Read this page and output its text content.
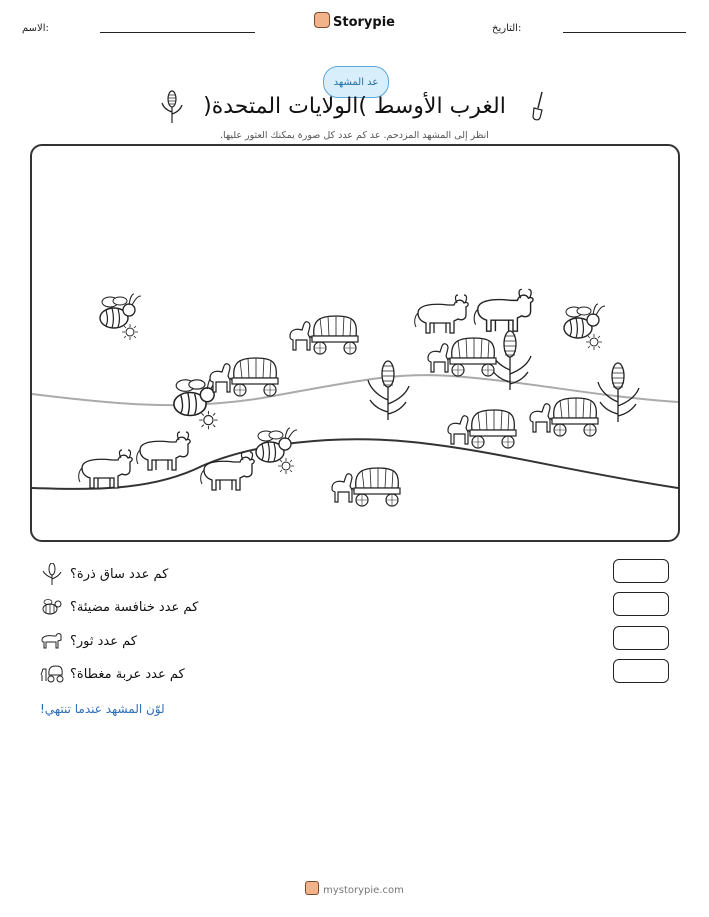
الاسم:	Storypie	التاريخ:
عد المشهد
الغرب الأوسط )الولايات المتحدة(
انظر إلى المشهد المزدحم. عد كم عدد كل صورة يمكنك العثور عليها.
كم عدد ساق ذرة؟
كم عدد خنافسة مضيئة؟
كم عدد ثور؟
كم عدد عربة مغطاة؟
لوّن المشهد عندما تنتهي!
mystorypie.com
